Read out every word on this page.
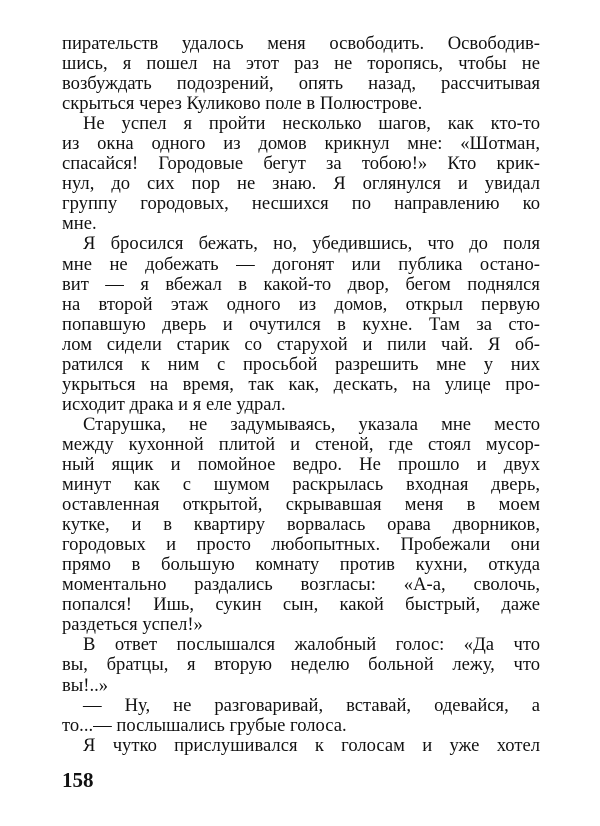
пирательств удалось меня освободить. Освободив-
шись, я пошел на этот раз не торопясь, чтобы не
возбуждать подозрений, опять назад, рассчитывая
скрыться через Куликово поле в Полюстрове.
Не успел я пройти несколько шагов, как кто-то
из окна одного из домов крикнул мне: «Шотман,
спасайся! Городовые бегут за тобою!» Кто крик-
нул, до сих пор не знаю. Я оглянулся и увидал
группу городовых, несшихся по направлению ко
мне.
Я бросился бежать, но, убедившись, что до поля
мне не добежать — догонят или публика остано-
вит — я вбежал в какой-то двор, бегом поднялся
на второй этаж одного из домов, открыл первую
попавшую дверь и очутился в кухне. Там за сто-
лом сидели старик со старухой и пили чай. Я об-
ратился к ним с просьбой разрешить мне у них
укрыться на время, так как, дескать, на улице про-
исходит драка и я еле удрал.
Старушка, не задумываясь, указала мне место
между кухонной плитой и стеной, где стоял мусор-
ный ящик и помойное ведро. Не прошло и двух
минут как с шумом раскрылась входная дверь,
оставленная открытой, скрывавшая меня в моем
кутке, и в квартиру ворвалась орава дворников,
городовых и просто любопытных. Пробежали они
прямо в большую комнату против кухни, откуда
моментально раздались возгласы: «А-а, сволочь,
попался! Ишь, сукин сын, какой быстрый, даже
раздеться успел!»
В ответ послышался жалобный голос: «Да что
вы, братцы, я вторую неделю больной лежу, что
вы!..»
— Ну, не разговаривай, вставай, одевайся, а
то...— послышались грубые голоса.
Я чутко прислушивался к голосам и уже хотел
158
